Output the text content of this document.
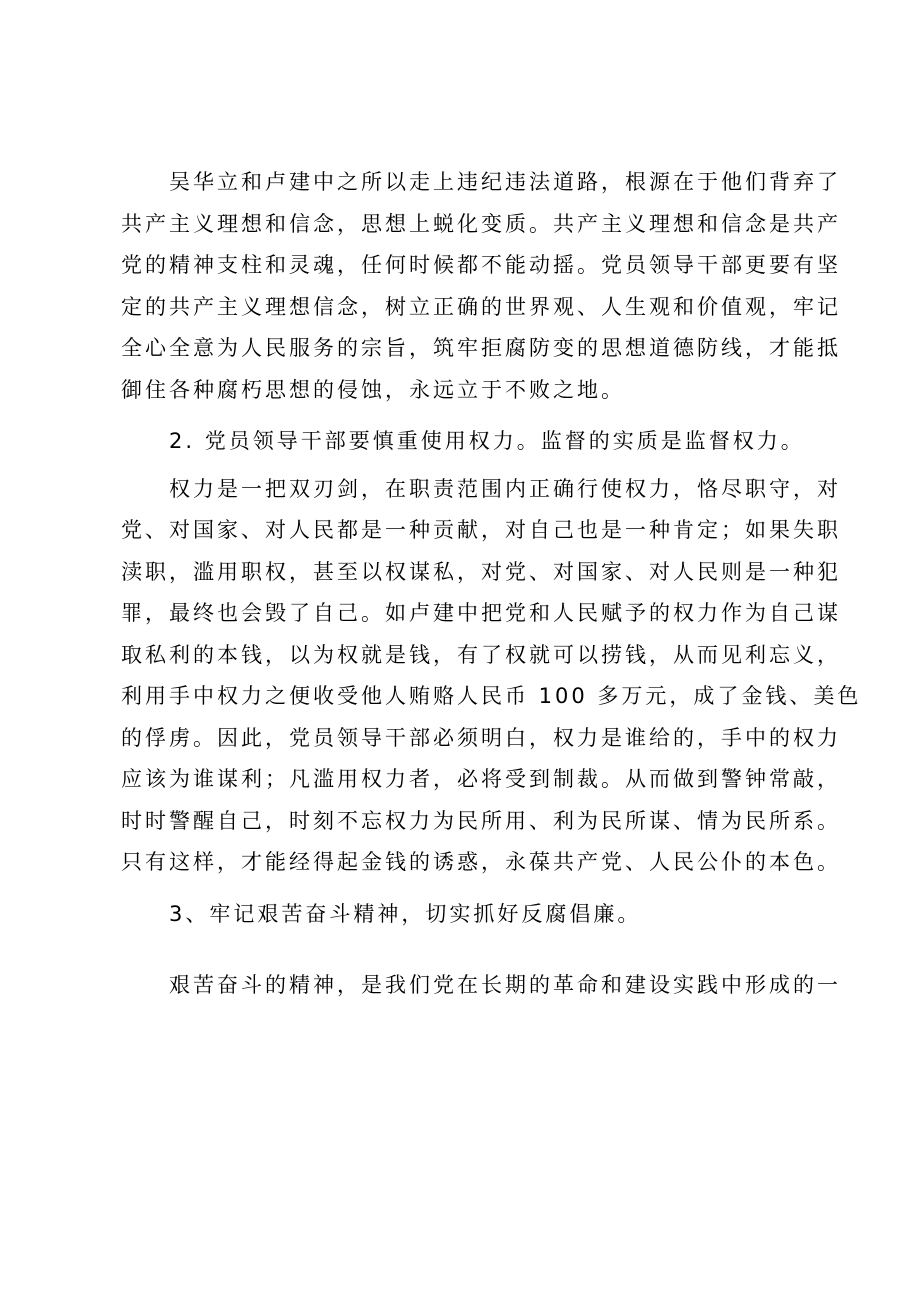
吴华立和卢建中之所以走上违纪违法道路，根源在于他们背弃了
共产主义理想和信念，思想上蜕化变质。共产主义理想和信念是共产
党的精神支柱和灵魂，任何时候都不能动摇。党员领导干部更要有坚
定的共产主义理想信念，树立正确的世界观、人生观和价值观，牢记
全心全意为人民服务的宗旨，筑牢拒腐防变的思想道德防线，才能抵
御住各种腐朽思想的侵蚀，永远立于不败之地。

2. 党员领导干部要慎重使用权力。监督的实质是监督权力。

权力是一把双刃剑，在职责范围内正确行使权力，恪尽职守，对
党、对国家、对人民都是一种贡献，对自己也是一种肯定；如果失职
渎职，滥用职权，甚至以权谋私，对党、对国家、对人民则是一种犯
罪，最终也会毁了自己。如卢建中把党和人民赋予的权力作为自己谋
取私利的本钱，以为权就是钱，有了权就可以捞钱，从而见利忘义，
利用手中权力之便收受他人贿赂人民币 100 多万元，成了金钱、美色
的俘虏。因此，党员领导干部必须明白，权力是谁给的，手中的权力
应该为谁谋利；凡滥用权力者，必将受到制裁。从而做到警钟常敲，
时时警醒自己，时刻不忘权力为民所用、利为民所谋、情为民所系。
只有这样，才能经得起金钱的诱惑，永葆共产党、人民公仆的本色。

3、牢记艰苦奋斗精神，切实抓好反腐倡廉。

艰苦奋斗的精神，是我们党在长期的革命和建设实践中形成的一
